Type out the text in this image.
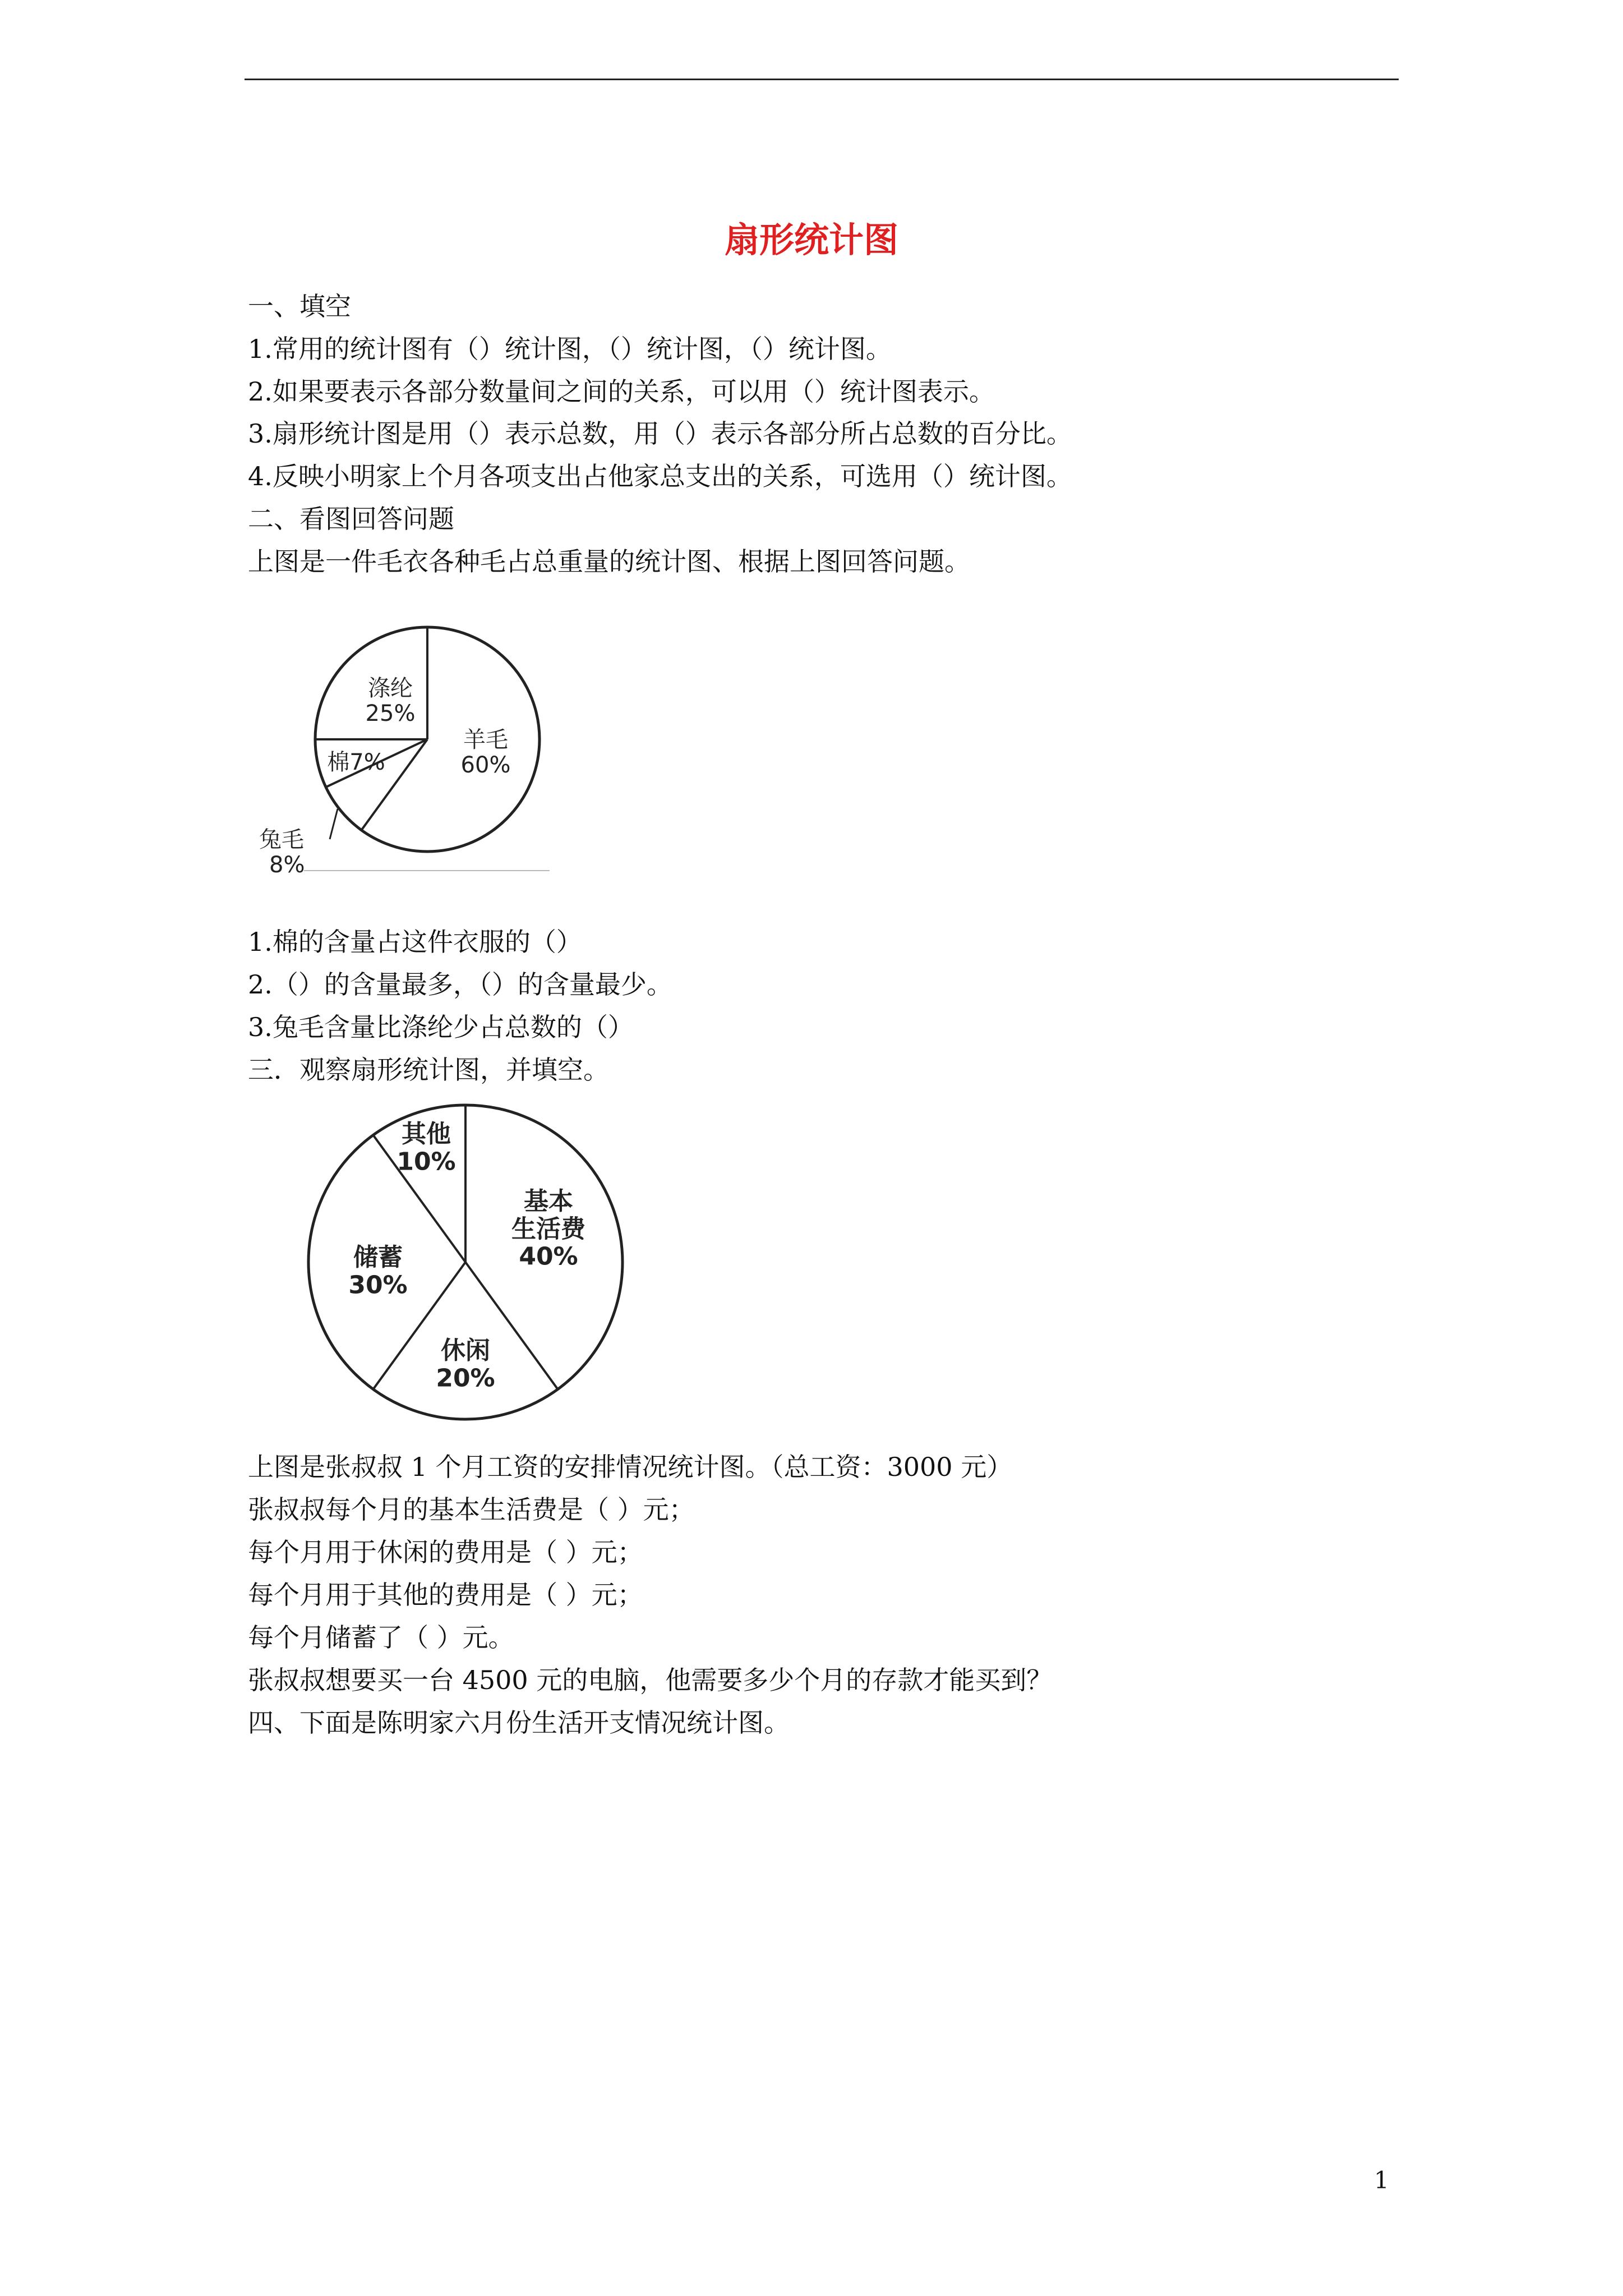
扇形统计图
一、填空
1.常用的统计图有（）统计图，（）统计图，（）统计图。
2.如果要表示各部分数量间之间的关系，可以用（）统计图表示。
3.扇形统计图是用（）表示总数，用（）表示各部分所占总数的百分比。
4.反映小明家上个月各项支出占他家总支出的关系，可选用（）统计图。
二、看图回答问题
上图是一件毛衣各种毛占总重量的统计图、根据上图回答问题。
羊毛 60%
兔毛 8%
棉7%
涤纶 25%
1.棉的含量占这件衣服的（）
2.（）的含量最多，（）的含量最少。
3.兔毛含量比涤纶少占总数的（）
三．观察扇形统计图，并填空。
基本生活费 40%
休闲 20%
储蓄 30%
其他 10%
上图是张叔叔 1 个月工资的安排情况统计图。（总工资：3000 元）
张叔叔每个月的基本生活费是（ ）元；
每个月用于休闲的费用是（ ）元；
每个月用于其他的费用是（ ）元；
每个月储蓄了（ ）元。
张叔叔想要买一台 4500 元的电脑，他需要多少个月的存款才能买到？
四、下面是陈明家六月份生活开支情况统计图。
1
